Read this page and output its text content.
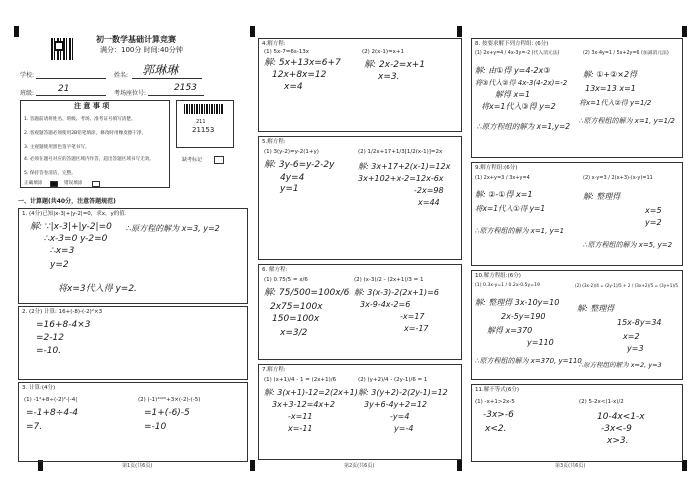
初一数学基础计算竞赛
满分：100分 时间:40分钟
学校:	姓名: 郭琳琳
班级:	21	考场座位号:
2153
注 意 事 项
1. 答题前请将姓名、班级、考场、准考证号填写清楚。
2. 客观题答题必须使用2B铅笔填涂，修改时用橡皮擦干净。
3. 主观题使用黑色签字笔书写。
4. 必须在题号对应的答题区域内作答，超出答题区域书写无效。
5. 保持答卷清洁、完整。
正确填涂	错误填涂
211
21153
缺考标记
一、计算题(共40分，注意答题规范)
1. (4分)已知|x-3|+|y-2|=0，求x，y的值.
解: ∵|x-3|+|y-2|=0
∴x-3=0 y-2=0
∴x=3
y=2
∴原方程的解为 x=3, y=2
将x=3代入得 y=2.
2. (2分) 计算: 16+(-8)-(-2)²×3
=16+8-4×3
=2-12
=-10.
3. 计算:(4分)
(1) -1⁴+8÷(-2)²-|-4|	(2) (-1)²⁰²⁰+3×(-2)-(-5)
=-1+8÷4-4
=7.
=1+(-6)-5
=-10
第1页(共6页)
4.解方程:
(1) 5x-7=6s-13x	(2) 2(x-1)=x+1
解: 5x+13x=6+7
12x+8x=12
x=4
解: 2x-2=x+1
x=3.
5.解方程:
(1) 3(y-2)=y-2(1+y)	(2) 1/2x+17+1/3[1/2(x-1)]=2x
解: 3y-6=y-2-2y
4y=4
y=1
解: 3x+17+2(x-1)=12x
3x+102+x-2=12x-6x
-2x=98
x=44
6. 解方程:
(1) 0.75/5 = x/6	(2) (x-3)/2 - (2x+1)/3 = 1
解: 75/500=100x/6
2x75=100x
150=100x
x=3/2
解: 3(x-3)-2(2x+1)=6
3x-9-4x-2=6
-x=17
x=-17
7.解方程:
(1) (x+1)/4 - 1 = (2x+1)/6	(2) (y+2)/4 - (2y-1)/6 = 1
解: 3(x+1)-12=2(2x+1)
3x+3-12=4x+2
-x=11
x=-11
解: 3(y+2)-2(2y-1)=12
3y+6-4y+2=12
-y=4
y=-4
第2页(共6页)
8. 按要求解下列方程组: (6分)
(1) 2x+y=4 / 4x-3y=-2 (代入消元法)	(2) 3x-4y=1 / 5x+2y=6 (加减消元法)
解: 由①得 y=4-2x③
将③代入②得 4x-3(4-2x)=-2
解得 x=1
将x=1代入③得 y=2
∴原方程组的解为 x=1,y=2
解: ①+②×2得
13x=13 x=1
将x=1代入②得 y=1/2
∴原方程组的解为 x=1, y=1/2
9.解方程组:(6分)
(1) 2x+y=3 / 3x+y=4	(2) x-y=3 / 2(x+3)-(x-y)=11
解: ②-①得 x=1
将x=1代入①得 y=1
∴原方程组的解为 x=1, y=1
解: 整理得
x=5
y=2
∴原方程组的解为 x=5, y=2
10.解方程组:(6分)
(1) 0.3x-y=1 / 0.2x-0.5y=19	(2) (3x-2)/4 = (2y-1)/5 + 2 / (3x+2)/5 = (3y+1)/5
解: 整理得 3x-10y=10
2x-5y=190
解得 x=370
y=110
∴原方程组的解为 x=370, y=110
解: 整理得
15x-8y=34
x=2
y=3
∴原方程组的解为 x=2, y=3
11.解不等式(6分)
(1) -x+1>2x-5	(2) 5-2x<(1-x)/2
-3x>-6
x<2.
10-4x<1-x
-3x<-9
x>3.
第3页(共6页)
